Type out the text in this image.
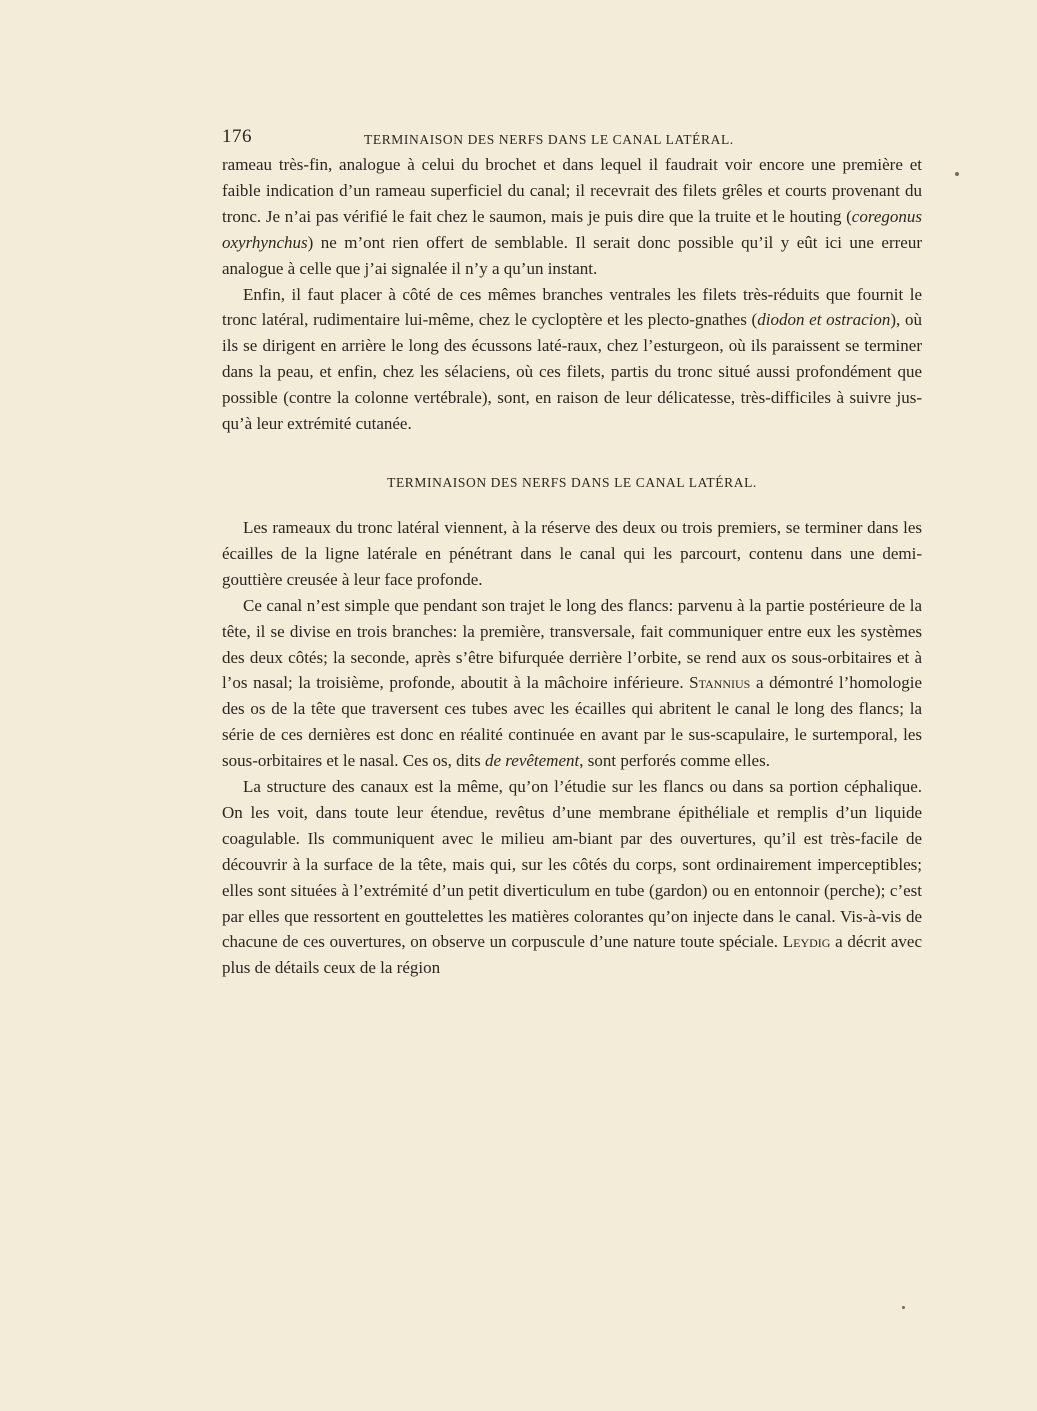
176	TERMINAISON DES NERFS DANS LE CANAL LATÉRAL.

rameau très-fin, analogue à celui du brochet et dans lequel il faudrait voir encore une première et faible indication d’un rameau superficiel du canal; il recevrait des filets grêles et courts provenant du tronc. Je n’ai pas vérifié le fait chez le saumon, mais je puis dire que la truite et le houting (coregonus oxyrhynchus) ne m’ont rien offert de semblable. Il serait donc possible qu’il y eût ici une erreur analogue à celle que j’ai signalée il n’y a qu’un instant.

Enfin, il faut placer à côté de ces mêmes branches ventrales les filets très-réduits que fournit le tronc latéral, rudimentaire lui-même, chez le cycloptère et les plecto-gnathes (diodon et ostracion), où ils se dirigent en arrière le long des écussons laté-raux, chez l’esturgeon, où ils paraissent se terminer dans la peau, et enfin, chez les sélaciens, où ces filets, partis du tronc situé aussi profondément que possible (contre la colonne vertébrale), sont, en raison de leur délicatesse, très-difficiles à suivre jus-qu’à leur extrémité cutanée.

TERMINAISON DES NERFS DANS LE CANAL LATÉRAL.

Les rameaux du tronc latéral viennent, à la réserve des deux ou trois premiers, se terminer dans les écailles de la ligne latérale en pénétrant dans le canal qui les parcourt, contenu dans une demi-gouttière creusée à leur face profonde.

Ce canal n’est simple que pendant son trajet le long des flancs: parvenu à la partie postérieure de la tête, il se divise en trois branches: la première, transversale, fait communiquer entre eux les systèmes des deux côtés; la seconde, après s’être bifurquée derrière l’orbite, se rend aux os sous-orbitaires et à l’os nasal; la troisième, profonde, aboutit à la mâchoire inférieure. Stannius a démontré l’homologie des os de la tête que traversent ces tubes avec les écailles qui abritent le canal le long des flancs; la série de ces dernières est donc en réalité continuée en avant par le sus-scapulaire, le surtemporal, les sous-orbitaires et le nasal. Ces os, dits de revêtement, sont perforés comme elles.

La structure des canaux est la même, qu’on l’étudie sur les flancs ou dans sa portion céphalique. On les voit, dans toute leur étendue, revêtus d’une membrane épithéliale et remplis d’un liquide coagulable. Ils communiquent avec le milieu am-biant par des ouvertures, qu’il est très-facile de découvrir à la surface de la tête, mais qui, sur les côtés du corps, sont ordinairement imperceptibles; elles sont situées à l’extrémité d’un petit diverticulum en tube (gardon) ou en entonnoir (perche); c’est par elles que ressortent en gouttelettes les matières colorantes qu’on injecte dans le canal. Vis-à-vis de chacune de ces ouvertures, on observe un corpuscule d’une nature toute spéciale. Leydig a décrit avec plus de détails ceux de la région
